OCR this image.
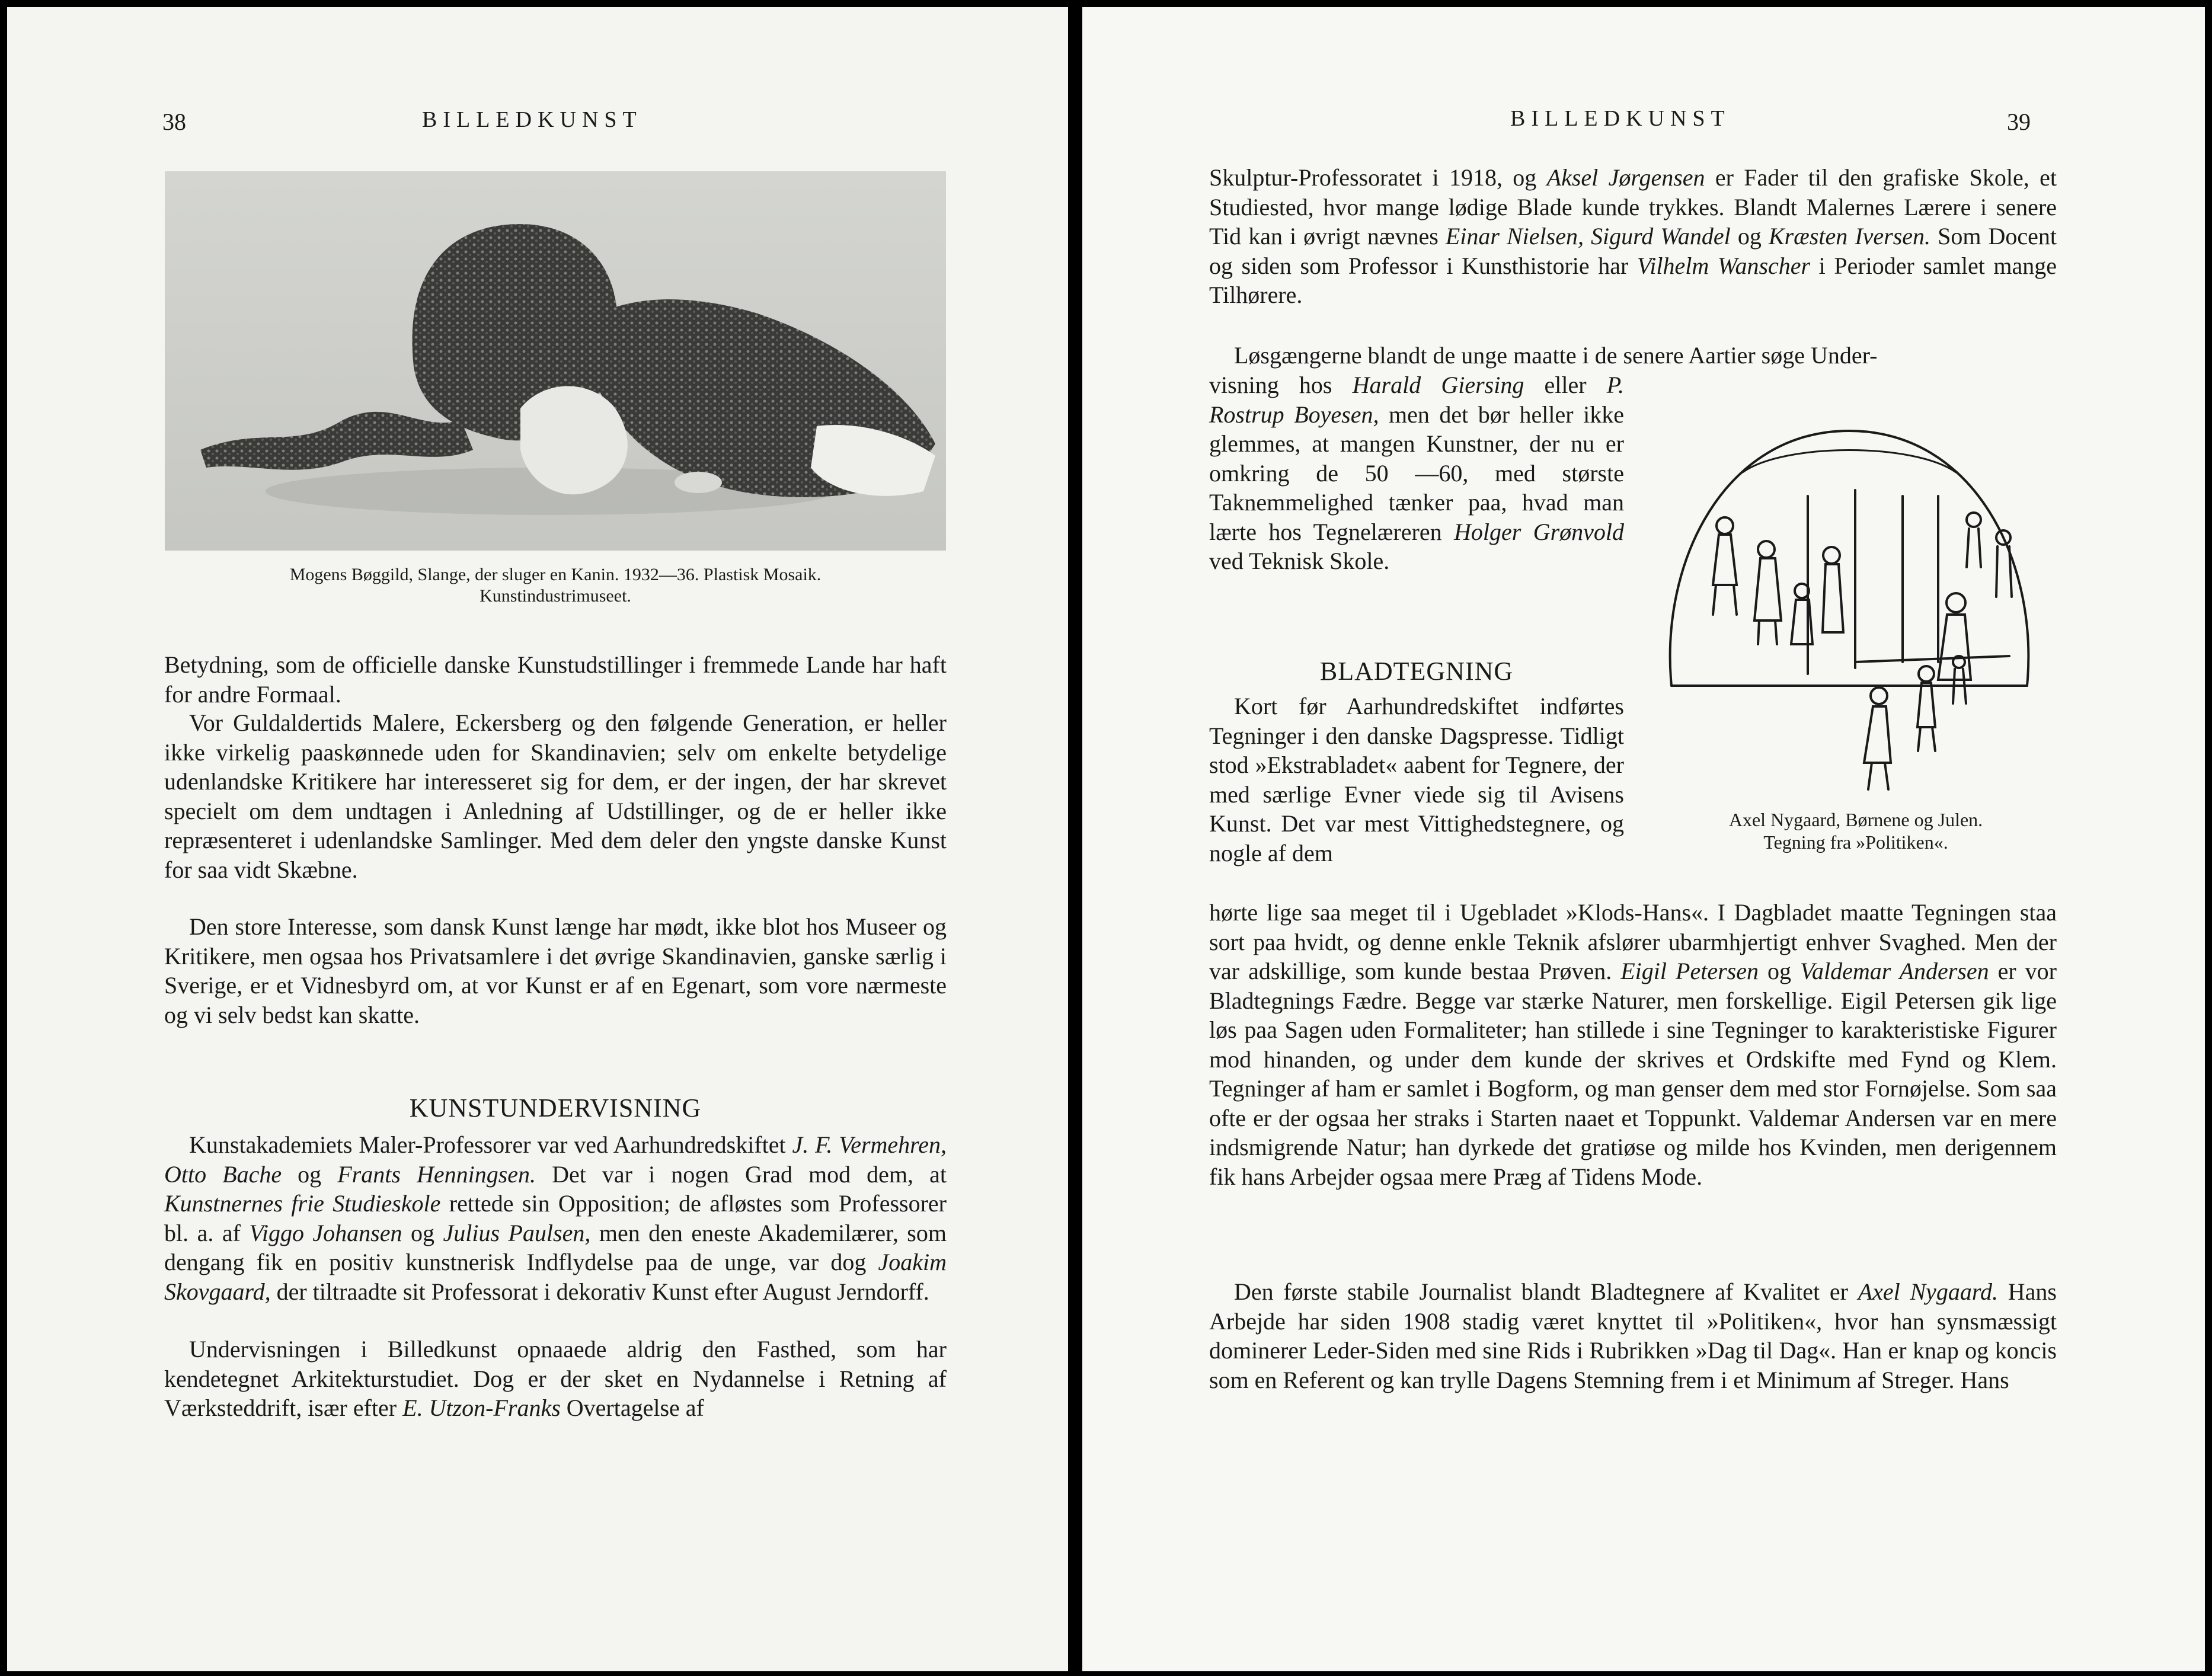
38	BILLEDKUNST
Mogens Bøggild, Slange, der sluger en Kanin. 1932—36. Plastisk Mosaik.
Kunstindustrimuseet.

Betydning, som de officielle danske Kunstudstillinger i fremmede Lande har haft for andre Formaal.

Vor Guldaldertids Malere, Eckersberg og den følgende Generation, er heller ikke virkelig paaskønnede uden for Skandinavien; selv om enkelte betydelige udenlandske Kritikere har interesseret sig for dem, er der ingen, der har skrevet specielt om dem undtagen i Anledning af Udstillinger, og de er heller ikke repræsenteret i udenlandske Samlinger. Med dem deler den yngste danske Kunst for saa vidt Skæbne.

Den store Interesse, som dansk Kunst længe har mødt, ikke blot hos Museer og Kritikere, men ogsaa hos Privatsamlere i det øvrige Skandinavien, ganske særlig i Sverige, er et Vidnesbyrd om, at vor Kunst er af en Egenart, som vore nærmeste og vi selv bedst kan skatte.

KUNSTUNDERVISNING

Kunstakademiets Maler-Professorer var ved Aarhundredskiftet J. F. Vermehren, Otto Bache og Frants Henningsen. Det var i nogen Grad mod dem, at Kunstnernes frie Studieskole rettede sin Opposition; de afløstes som Professorer bl. a. af Viggo Johansen og Julius Paulsen, men den eneste Akademilærer, som dengang fik en positiv kunstnerisk Indflydelse paa de unge, var dog Joakim Skovgaard, der tiltraadte sit Professorat i dekorativ Kunst efter August Jerndorff.

Undervisningen i Billedkunst opnaaede aldrig den Fasthed, som har kendetegnet Arkitekturstudiet. Dog er der sket en Nydannelse i Retning af Værksteddrift, især efter E. Utzon-Franks Overtagelse af

BILLEDKUNST	39

Skulptur-Professoratet i 1918, og Aksel Jørgensen er Fader til den grafiske Skole, et Studiested, hvor mange lødige Blade kunde trykkes. Blandt Malernes Lærere i senere Tid kan i øvrigt nævnes Einar Nielsen, Sigurd Wandel og Kræsten Iversen. Som Docent og siden som Professor i Kunsthistorie har Vilhelm Wanscher i Perioder samlet mange Tilhørere.

Løsgængerne blandt de unge maatte i de senere Aartier søge Under-

visning hos Harald Giersing eller P. Rostrup Boyesen, men det bør heller ikke glemmes, at mangen Kunstner, der nu er omkring de 50 —60, med største Taknemmelighed tænker paa, hvad man lærte hos Tegnelæreren Holger Grønvold ved Teknisk Skole.

BLADTEGNING

Kort før Aarhundredskiftet indførtes Tegninger i den danske Dagspresse. Tidligt stod »Ekstrabladet« aabent for Tegnere, der med særlige Evner viede sig til Avisens Kunst. Det var mest Vittighedstegnere, og nogle af dem

hørte lige saa meget til i Ugebladet »Klods-Hans«. I Dagbladet maatte Tegningen staa sort paa hvidt, og denne enkle Teknik afslører ubarmhjertigt enhver Svaghed. Men der var adskillige, som kunde bestaa Prøven. Eigil Petersen og Valdemar Andersen er vor Bladtegnings Fædre. Begge var stærke Naturer, men forskellige. Eigil Petersen gik lige løs paa Sagen uden Formaliteter; han stillede i sine Tegninger to karakteristiske Figurer mod hinanden, og under dem kunde der skrives et Ordskifte med Fynd og Klem. Tegninger af ham er samlet i Bogform, og man genser dem med stor Fornøjelse. Som saa ofte er der ogsaa her straks i Starten naaet et Toppunkt. Valdemar Andersen var en mere indsmigrende Natur; han dyrkede det gratiøse og milde hos Kvinden, men derigennem fik hans Arbejder ogsaa mere Præg af Tidens Mode.

Den første stabile Journalist blandt Bladtegnere af Kvalitet er Axel Nygaard. Hans Arbejde har siden 1908 stadig været knyttet til »Politiken«, hvor han synsmæssigt dominerer Leder-Siden med sine Rids i Rubrikken »Dag til Dag«. Han er knap og koncis som en Referent og kan trylle Dagens Stemning frem i et Minimum af Streger. Hans

Axel Nygaard, Børnene og Julen.
Tegning fra »Politiken«.
